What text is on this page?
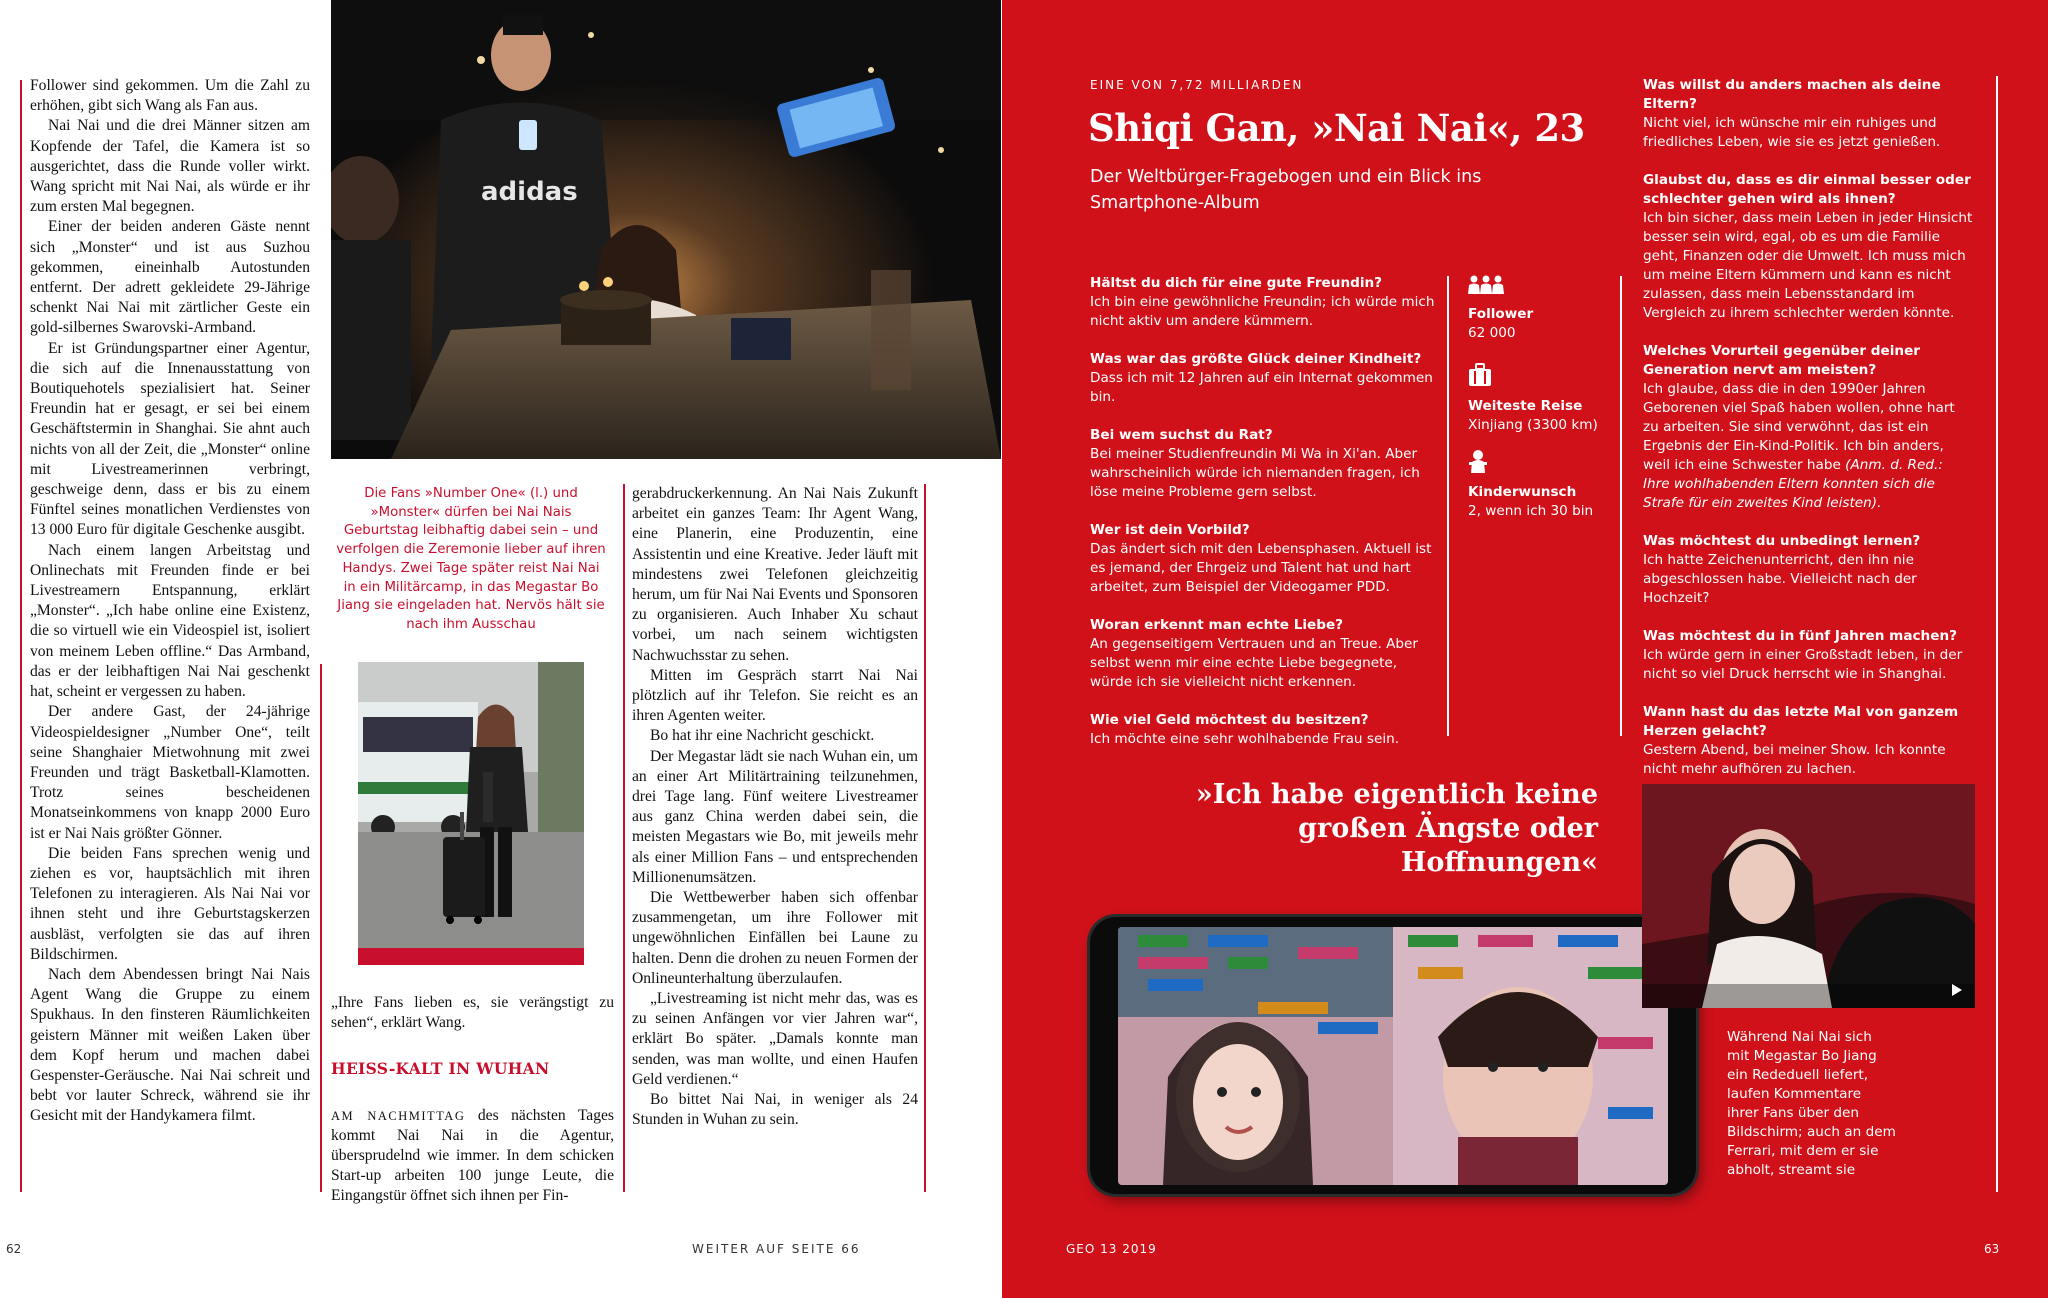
Follower sind gekommen. Um die Zahl zu erhöhen, gibt sich Wang als Fan aus.

Nai Nai und die drei Männer sitzen am Kopfende der Tafel, die Kamera ist so ausgerichtet, dass die Runde voller wirkt. Wang spricht mit Nai Nai, als würde er ihr zum ersten Mal begegnen.

Einer der beiden anderen Gäste nennt sich „Monster“ und ist aus Suzhou gekommen, eineinhalb Autostunden entfernt. Der adrett gekleidete 29-Jährige schenkt Nai Nai mit zärtlicher Geste ein gold-silbernes Swarovski-Armband.

Er ist Gründungspartner einer Agentur, die sich auf die Innenausstattung von Boutiquehotels spezialisiert hat. Seiner Freundin hat er gesagt, er sei bei einem Geschäftstermin in Shanghai. Sie ahnt auch nichts von all der Zeit, die „Monster“ online mit Livestreamerinnen verbringt, geschweige denn, dass er bis zu einem Fünftel seines monatlichen Verdienstes von 13 000 Euro für digitale Geschenke ausgibt.

Nach einem langen Arbeitstag und Onlinechats mit Freunden finde er bei Livestreamern Entspannung, erklärt „Monster“. „Ich habe online eine Existenz, die so virtuell wie ein Videospiel ist, isoliert von meinem Leben offline.“ Das Armband, das er der leibhaftigen Nai Nai geschenkt hat, scheint er vergessen zu haben.

Der andere Gast, der 24-jährige Videospieldesigner „Number One“, teilt seine Shanghaier Mietwohnung mit zwei Freunden und trägt Basketball-Klamotten. Trotz seines bescheidenen Monatseinkommens von knapp 2000 Euro ist er Nai Nais größter Gönner.

Die beiden Fans sprechen wenig und ziehen es vor, hauptsächlich mit ihren Telefonen zu interagieren. Als Nai Nai vor ihnen steht und ihre Geburtstagskerzen ausbläst, verfolgten sie das auf ihren Bildschirmen.

Nach dem Abendessen bringt Nai Nais Agent Wang die Gruppe zu einem Spukhaus. In den finsteren Räumlichkeiten geistern Männer mit weißen Laken über dem Kopf herum und machen dabei Gespenster-Geräusche. Nai Nai schreit und bebt vor lauter Schreck, während sie ihr Gesicht mit der Handykamera filmt.

adidas
Die Fans »Number One« (l.) und »Monster« dürfen bei Nai Nais Geburtstag leibhaftig dabei sein – und verfolgen die Zeremonie lieber auf ihren Handys. Zwei Tage später reist Nai Nai in ein Militärcamp, in das Megastar Bo Jiang sie eingeladen hat. Nervös hält sie nach ihm Ausschau

„Ihre Fans lieben es, sie verängstigt zu sehen“, erklärt Wang.

HEISS-KALT IN WUHAN

AM NACHMITTAG des nächsten Tages kommt Nai Nai in die Agentur, übersprudelnd wie immer. In dem schicken Start-up arbeiten 100 junge Leute, die Eingangstür öffnet sich ihnen per Fin-

gerabdruckerkennung. An Nai Nais Zukunft arbeitet ein ganzes Team: Ihr Agent Wang, eine Planerin, eine Produzentin, eine Assistentin und eine Kreative. Jeder läuft mit mindestens zwei Telefonen gleichzeitig herum, um für Nai Nai Events und Sponsoren zu organisieren. Auch Inhaber Xu schaut vorbei, um nach seinem wichtigsten Nachwuchsstar zu sehen.

Mitten im Gespräch starrt Nai Nai plötzlich auf ihr Telefon. Sie reicht es an ihren Agenten weiter.

Bo hat ihr eine Nachricht geschickt.

Der Megastar lädt sie nach Wuhan ein, um an einer Art Militärtraining teilzunehmen, drei Tage lang. Fünf weitere Livestreamer aus ganz China werden dabei sein, die meisten Megastars wie Bo, mit jeweils mehr als einer Million Fans – und entsprechenden Millionenumsätzen.

Die Wettbewerber haben sich offenbar zusammengetan, um ihre Follower mit ungewöhnlichen Einfällen bei Laune zu halten. Denn die drohen zu neuen Formen der Onlineunterhaltung überzulaufen.

„Livestreaming ist nicht mehr das, was es zu seinen Anfängen vor vier Jahren war“, erklärt Bo später. „Damals konnte man senden, was man wollte, und einen Haufen Geld verdienen.“

Bo bittet Nai Nai, in weniger als 24 Stunden in Wuhan zu sein.

62	WEITER AUF SEITE 66
EINE VON 7,72 MILLIARDEN
Shiqi Gan, »Nai Nai«, 23
Der Weltbürger-Fragebogen und ein Blick ins Smartphone-Album
Hältst du dich für eine gute Freundin?
Ich bin eine gewöhnliche Freundin; ich würde mich nicht aktiv um andere kümmern.
Was war das größte Glück deiner Kindheit?
Dass ich mit 12 Jahren auf ein Internat gekommen bin.
Bei wem suchst du Rat?
Bei meiner Studienfreundin Mi Wa in Xi'an. Aber wahrscheinlich würde ich niemanden fragen, ich löse meine Probleme gern selbst.
Wer ist dein Vorbild?
Das ändert sich mit den Lebensphasen. Aktuell ist es jemand, der Ehrgeiz und Talent hat und hart arbeitet, zum Beispiel der Videogamer PDD.
Woran erkennt man echte Liebe?
An gegenseitigem Vertrauen und an Treue. Aber selbst wenn mir eine echte Liebe begegnete, würde ich sie vielleicht nicht erkennen.
Wie viel Geld möchtest du besitzen?
Ich möchte eine sehr wohlhabende Frau sein.
Follower
62 000
Weiteste Reise
Xinjiang (3300 km)
Kinderwunsch
2, wenn ich 30 bin
Was willst du anders machen als deine Eltern?
Nicht viel, ich wünsche mir ein ruhiges und friedliches Leben, wie sie es jetzt genießen.
Glaubst du, dass es dir einmal besser oder schlechter gehen wird als ihnen?
Ich bin sicher, dass mein Leben in jeder Hinsicht besser sein wird, egal, ob es um die Familie geht, Finanzen oder die Umwelt. Ich muss mich um meine Eltern kümmern und kann es nicht zulassen, dass mein Lebensstandard im Vergleich zu ihrem schlechter werden könnte.
Welches Vorurteil gegenüber deiner Generation nervt am meisten?
Ich glaube, dass die in den 1990er Jahren Geborenen viel Spaß haben wollen, ohne hart zu arbeiten. Sie sind verwöhnt, das ist ein Ergebnis der Ein-Kind-Politik. Ich bin anders, weil ich eine Schwester habe (Anm. d. Red.: Ihre wohlhabenden Eltern konnten sich die Strafe für ein zweites Kind leisten).
Was möchtest du unbedingt lernen?
Ich hatte Zeichenunterricht, den ihn nie abgeschlossen habe. Vielleicht nach der Hochzeit?
Was möchtest du in fünf Jahren machen?
Ich würde gern in einer Großstadt leben, in der nicht so viel Druck herrscht wie in Shanghai.
Wann hast du das letzte Mal von ganzem Herzen gelacht?
Gestern Abend, bei meiner Show. Ich konnte nicht mehr aufhören zu lachen.
»Ich habe eigentlich keine großen Ängste oder Hoffnungen«
Während Nai Nai sich mit Megastar Bo Jiang ein Rededuell liefert, laufen Kommentare ihrer Fans über den Bildschirm; auch an dem Ferrari, mit dem er sie abholt, streamt sie
GEO 13 2019	63
